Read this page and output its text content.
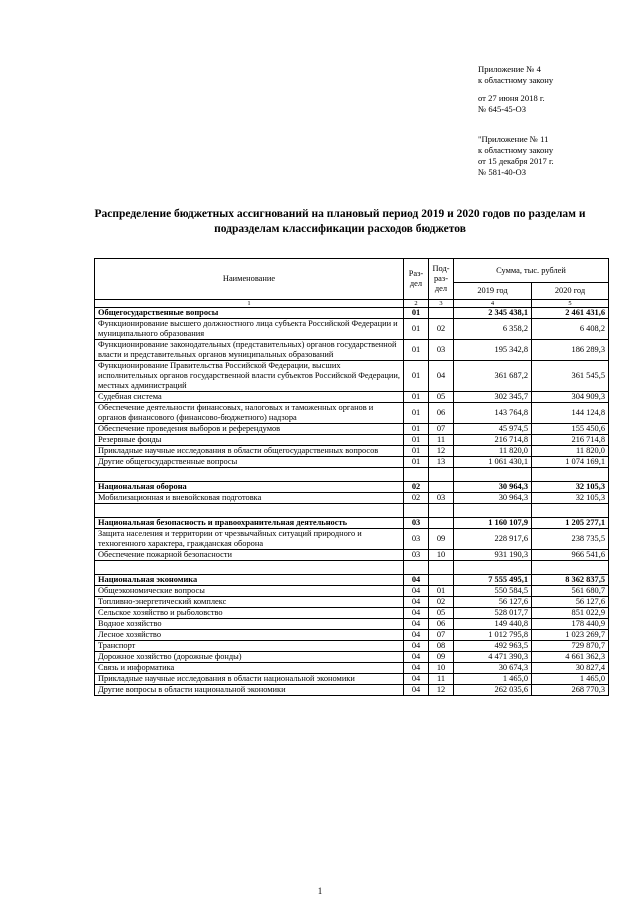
Приложение № 4
к областному закону
от 27 июня 2018 г.
№ 645-45-ОЗ
"Приложение № 11
к областному закону
от 15 декабря 2017 г.
№ 581-40-ОЗ
Распределение бюджетных ассигнований на плановый период 2019 и 2020 годов по разделам и подразделам классификации расходов бюджетов
Наименование	Раз-дел	Под-раз-дел	Сумма, тыс. рублей	
			2019 год	2020 год
1	2	3	4	5
Общегосударственные вопросы	01		2 345 438,1	2 461 431,6
Функционирование высшего должностного лица субъекта Российской Федерации и муниципального образования	01	02	6 358,2	6 408,2
Функционирование законодательных (представительных) органов государственной власти и представительных органов муниципальных образований	01	03	195 342,8	186 289,3
Функционирование Правительства Российской Федерации, высших исполнительных органов государственной власти субъектов Российской Федерации, местных администраций	01	04	361 687,2	361 545,5
Судебная система	01	05	302 345,7	304 909,3
Обеспечение деятельности финансовых, налоговых и таможенных органов и органов финансового (финансово-бюджетного) надзора	01	06	143 764,8	144 124,8
Обеспечение проведения выборов и референдумов	01	07	45 974,5	155 450,6
Резервные фонды	01	11	216 714,8	216 714,8
Прикладные научные исследования в области общегосударственных вопросов	01	12	11 820,0	11 820,0
Другие общегосударственные вопросы	01	13	1 061 430,1	1 074 169,1

Национальная оборона	02		30 964,3	32 105,3
Мобилизационная и вневойсковая подготовка	02	03	30 964,3	32 105,3

Национальная безопасность и правоохранительная деятельность	03		1 160 107,9	1 205 277,1
Защита населения и территории от чрезвычайных ситуаций природного и техногенного характера, гражданская оборона	03	09	228 917,6	238 735,5
Обеспечение пожарной безопасности	03	10	931 190,3	966 541,6

Национальная экономика	04		7 555 495,1	8 362 837,5
Общеэкономические вопросы	04	01	550 584,5	561 680,7
Топливно-энергетический комплекс	04	02	56 127,6	56 127,6
Сельское хозяйство и рыболовство	04	05	528 017,7	851 022,9
Водное хозяйство	04	06	149 440,8	178 440,9
Лесное хозяйство	04	07	1 012 795,8	1 023 269,7
Транспорт	04	08	492 963,5	729 870,7
Дорожное хозяйство (дорожные фонды)	04	09	4 471 390,3	4 661 362,3
Связь и информатика	04	10	30 674,3	30 827,4
Прикладные научные исследования в области национальной экономики	04	11	1 465,0	1 465,0
Другие вопросы в области национальной экономики	04	12	262 035,6	268 770,3
1
